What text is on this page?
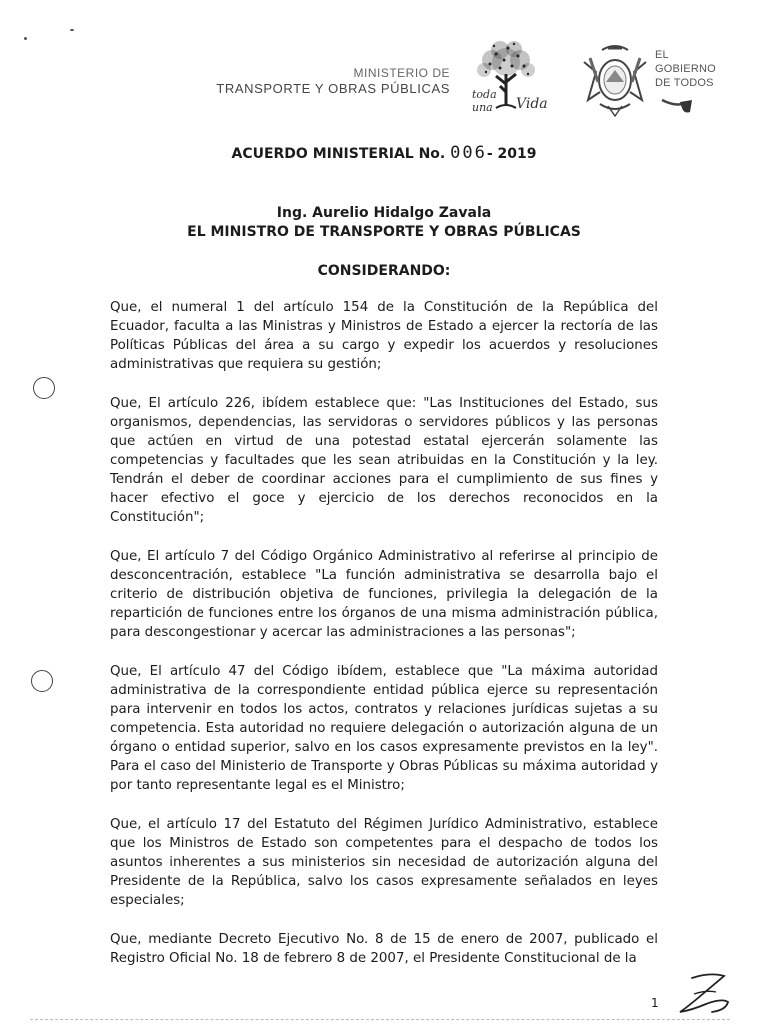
MINISTERIO DE
TRANSPORTE Y OBRAS PÚBLICAS toda una Vida
EL
GOBIERNO
DE TODOS
ACUERDO MINISTERIAL No. 006- 2019
Ing. Aurelio Hidalgo Zavala
EL MINISTRO DE TRANSPORTE Y OBRAS PÚBLICAS
CONSIDERANDO:

Que, el numeral 1 del artículo 154 de la Constitución de la República del Ecuador, faculta a las Ministras y Ministros de Estado a ejercer la rectoría de las Políticas Públicas del área a su cargo y expedir los acuerdos y resoluciones administrativas que requiera su gestión;

Que, El artículo 226, ibídem establece que: "Las Instituciones del Estado, sus organismos, dependencias, las servidoras o servidores públicos y las personas que actúen en virtud de una potestad estatal ejercerán solamente las competencias y facultades que les sean atribuidas en la Constitución y la ley. Tendrán el deber de coordinar acciones para el cumplimiento de sus fines y hacer efectivo el goce y ejercicio de los derechos reconocidos en la Constitución";

Que, El artículo 7 del Código Orgánico Administrativo al referirse al principio de desconcentración, establece "La función administrativa se desarrolla bajo el criterio de distribución objetiva de funciones, privilegia la delegación de la repartición de funciones entre los órganos de una misma administración pública, para descongestionar y acercar las administraciones a las personas";

Que, El artículo 47 del Código ibídem, establece que "La máxima autoridad administrativa de la correspondiente entidad pública ejerce su representación para intervenir en todos los actos, contratos y relaciones jurídicas sujetas a su competencia. Esta autoridad no requiere delegación o autorización alguna de un órgano o entidad superior, salvo en los casos expresamente previstos en la ley". Para el caso del Ministerio de Transporte y Obras Públicas su máxima autoridad y por tanto representante legal es el Ministro;

Que, el artículo 17 del Estatuto del Régimen Jurídico Administrativo, establece que los Ministros de Estado son competentes para el despacho de todos los asuntos inherentes a sus ministerios sin necesidad de autorización alguna del Presidente de la República, salvo los casos expresamente señalados en leyes especiales;

Que, mediante Decreto Ejecutivo No. 8 de 15 de enero de 2007, publicado el Registro Oficial No. 18 de febrero 8 de 2007, el Presidente Constitucional de la

1
